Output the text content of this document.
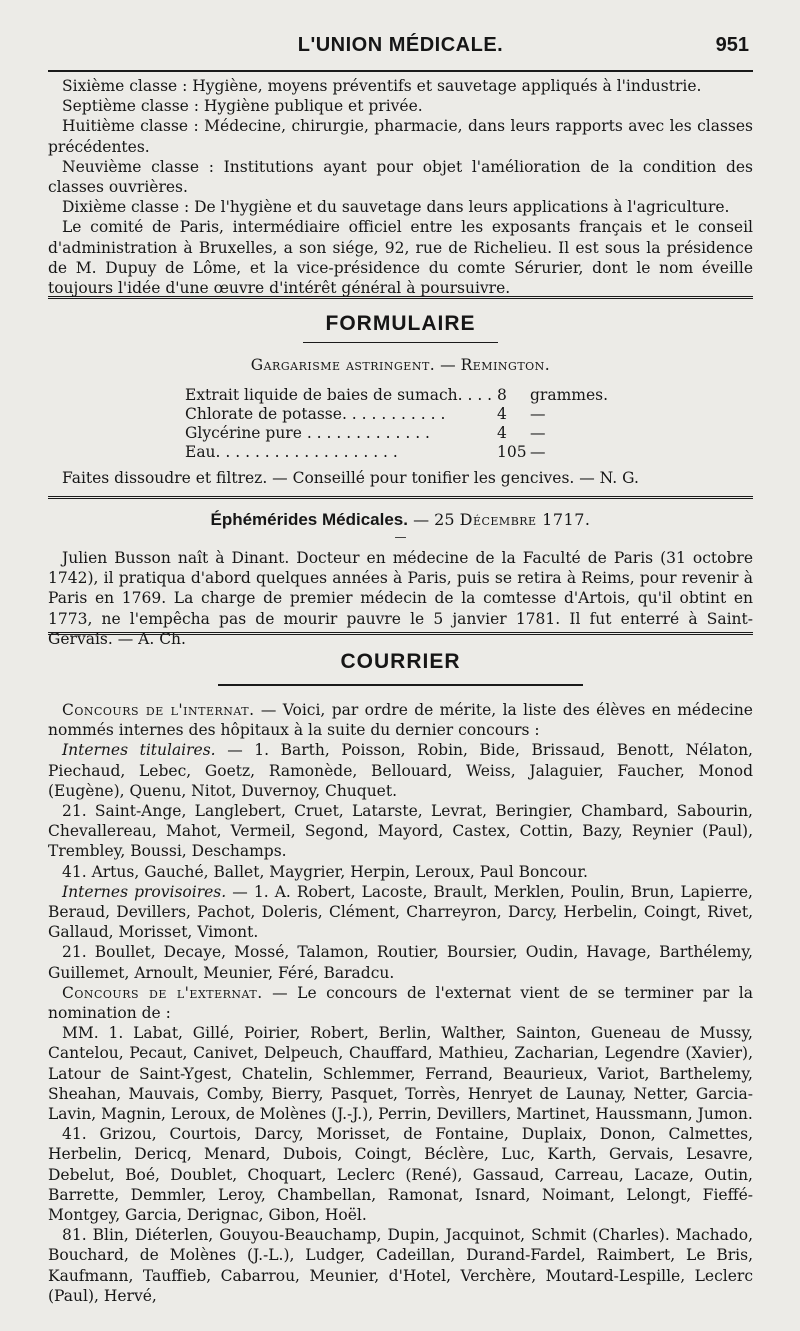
L'UNION MÉDICALE.	951

Sixième classe : Hygiène, moyens préventifs et sauvetage appliqués à l'industrie.

Septième classe : Hygiène publique et privée.

Huitième classe : Médecine, chirurgie, pharmacie, dans leurs rapports avec les classes précédentes.

Neuvième classe : Institutions ayant pour objet l'amélioration de la condition des classes ouvrières.

Dixième classe : De l'hygiène et du sauvetage dans leurs applications à l'agriculture.

Le comité de Paris, intermédiaire officiel entre les exposants français et le conseil d'administration à Bruxelles, a son siége, 92, rue de Richelieu. Il est sous la présidence de M. Dupuy de Lôme, et la vice-présidence du comte Sérurier, dont le nom éveille toujours l'idée d'une œuvre d'intérêt général à poursuivre.

FORMULAIRE
Gargarisme astringent. — Remington.
Extrait liquide de baies de sumach. . . . 8 grammes.
Chlorate de potasse. . . . . . . . . . .	4 —
Glycérine pure . . . . . . . . . . . . .	4 —
Eau. . . . . . . . . . . . . . . . . . .	105 —

Faites dissoudre et filtrez. — Conseillé pour tonifier les gencives. — N. G.

Éphémérides Médicales. — 25 Décembre 1717.
—

Julien Busson naît à Dinant. Docteur en médecine de la Faculté de Paris (31 octobre 1742), il pratiqua d'abord quelques années à Paris, puis se retira à Reims, pour revenir à Paris en 1769. La charge de premier médecin de la comtesse d'Artois, qu'il obtint en 1773, ne l'empêcha pas de mourir pauvre le 5 janvier 1781. Il fut enterré à Saint-Gervais. — A. Ch.

COURRIER

Concours de l'internat. — Voici, par ordre de mérite, la liste des élèves en médecine nommés internes des hôpitaux à la suite du dernier concours :

Internes titulaires. — 1. Barth, Poisson, Robin, Bide, Brissaud, Benott, Nélaton, Piechaud, Lebec, Goetz, Ramonède, Bellouard, Weiss, Jalaguier, Faucher, Monod (Eugène), Quenu, Nitot, Duvernoy, Chuquet.

21. Saint-Ange, Langlebert, Cruet, Latarste, Levrat, Beringier, Chambard, Sabourin, Chevallereau, Mahot, Vermeil, Segond, Mayord, Castex, Cottin, Bazy, Reynier (Paul), Trembley, Boussi, Deschamps.

41. Artus, Gauché, Ballet, Maygrier, Herpin, Leroux, Paul Boncour.

Internes provisoires. — 1. A. Robert, Lacoste, Brault, Merklen, Poulin, Brun, Lapierre, Beraud, Devillers, Pachot, Doleris, Clément, Charreyron, Darcy, Herbelin, Coingt, Rivet, Gallaud, Morisset, Vimont.

21. Boullet, Decaye, Mossé, Talamon, Routier, Boursier, Oudin, Havage, Barthélemy, Guillemet, Arnoult, Meunier, Féré, Baradcu.

Concours de l'externat. — Le concours de l'externat vient de se terminer par la nomination de :

MM. 1. Labat, Gillé, Poirier, Robert, Berlin, Walther, Sainton, Gueneau de Mussy, Cantelou, Pecaut, Canivet, Delpeuch, Chauffard, Mathieu, Zacharian, Legendre (Xavier), Latour de Saint-Ygest, Chatelin, Schlemmer, Ferrand, Beaurieux, Variot, Barthelemy, Sheahan, Mauvais, Comby, Bierry, Pasquet, Torrès, Henryet de Launay, Netter, Garcia-Lavin, Magnin, Leroux, de Molènes (J.-J.), Perrin, Devillers, Martinet, Haussmann, Jumon.

41. Grizou, Courtois, Darcy, Morisset, de Fontaine, Duplaix, Donon, Calmettes, Herbelin, Dericq, Menard, Dubois, Coingt, Béclère, Luc, Karth, Gervais, Lesavre, Debelut, Boé, Doublet, Choquart, Leclerc (René), Gassaud, Carreau, Lacaze, Outin, Barrette, Demmler, Leroy, Chambellan, Ramonat, Isnard, Noimant, Lelongt, Fieffé-Montgey, Garcia, Derignac, Gibon, Hoël.

81. Blin, Diéterlen, Gouyou-Beauchamp, Dupin, Jacquinot, Schmit (Charles). Machado, Bouchard, de Molènes (J.-L.), Ludger, Cadeillan, Durand-Fardel, Raimbert, Le Bris, Kaufmann, Tauffieb, Cabarrou, Meunier, d'Hotel, Verchère, Moutard-Lespille, Leclerc (Paul), Hervé,
